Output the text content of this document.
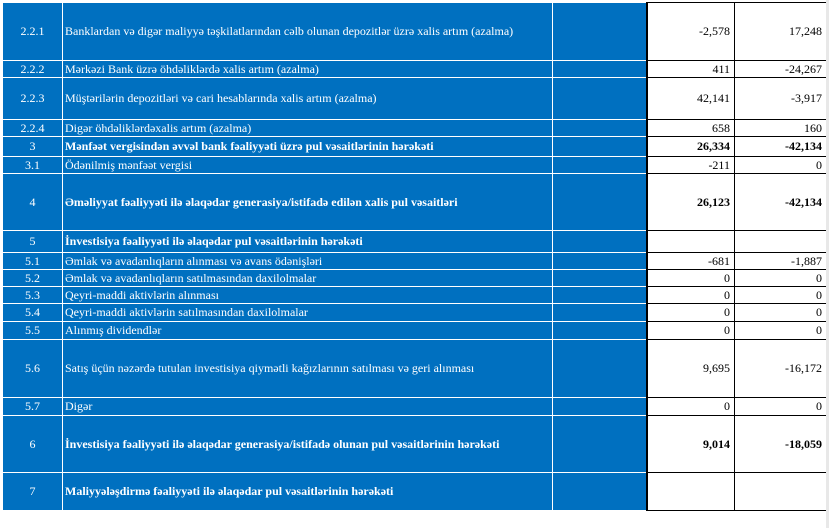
2.2.1	Banklardan və digər maliyyə təşkilatlarından cəlb olunan depozitlər üzrə xalis artım (azalma)		-2,578	17,248
2.2.2	Mərkəzi Bank üzrə öhdəliklərdə xalis artım (azalma)		411	-24,267
2.2.3	Müştərilərin depozitləri və cari hesablarında xalis artım (azalma)		42,141	-3,917
2.2.4	Digər öhdəliklərdəxalis artım (azalma)		658	160
3	Mənfəət vergisindən əvvəl bank fəaliyyəti üzrə pul vəsaitlərinin hərəkəti		26,334	-42,134
3.1	Ödənilmiş mənfəət vergisi		-211	0
4	Əməliyyat fəaliyyəti ilə əlaqədar generasiya/istifadə edilən xalis pul vəsaitləri		26,123	-42,134
5	İnvestisiya fəaliyyəti ilə əlaqədar pul vəsaitlərinin hərəkəti			
5.1	Əmlak və avadanlıqların alınması və avans ödənişləri		-681	-1,887
5.2	Əmlak və avadanlıqların satılmasından daxilolmalar		0	0
5.3	Qeyri-maddi aktivlərin alınması		0	0
5.4	Qeyri-maddi aktivlərin satılmasından daxilolmalar		0	0
5.5	Alınmış dividendlər		0	0
5.6	Satış üçün nəzərdə tutulan investisiya qiymətli kağızlarının satılması və geri alınması		9,695	-16,172
5.7	Digər		0	0
6	İnvestisiya fəaliyyəti ilə əlaqədar generasiya/istifadə olunan pul vəsaitlərinin hərəkəti		9,014	-18,059
7	Maliyyələşdirmə fəaliyyəti ilə əlaqədar pul vəsaitlərinin hərəkəti			
